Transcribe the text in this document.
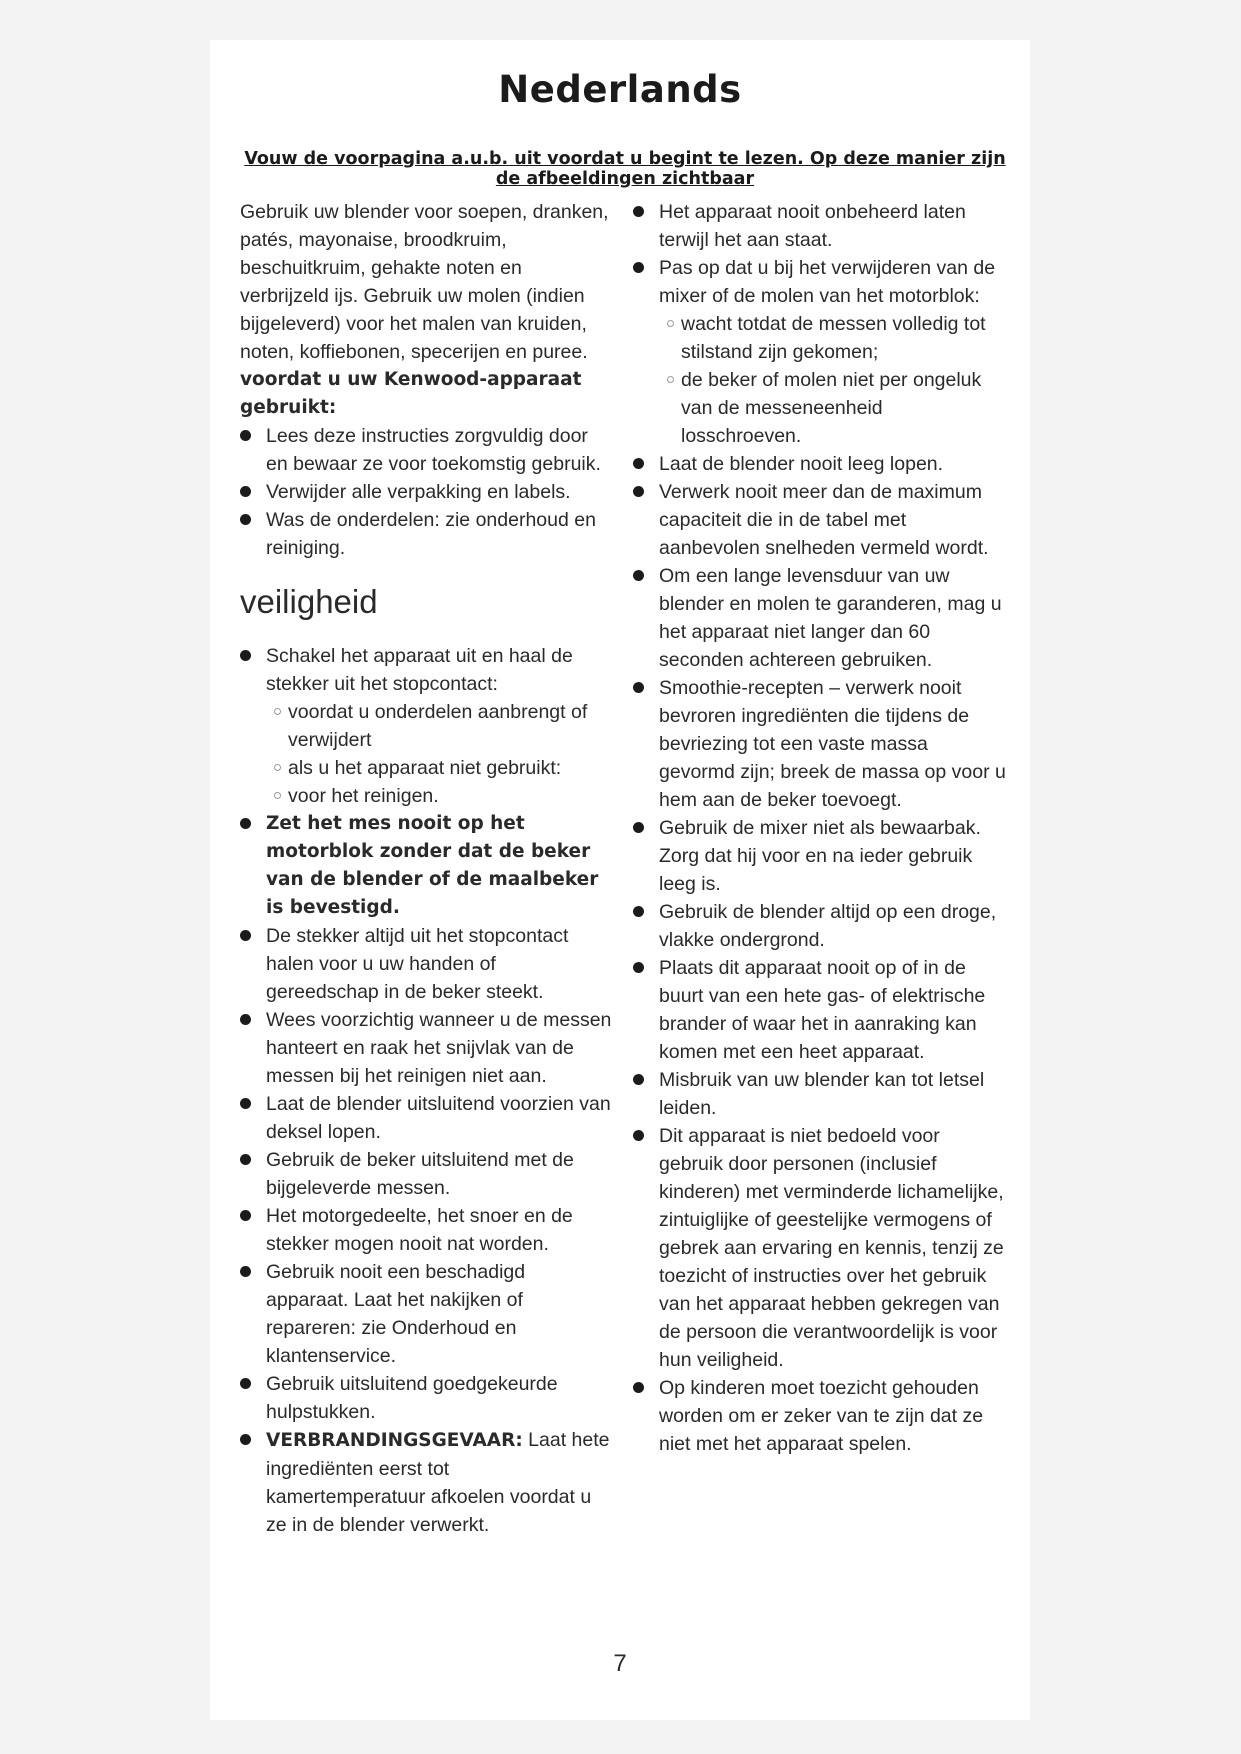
Nederlands

Vouw de voorpagina a.u.b. uit voordat u begint te lezen. Op deze manier zijn de afbeeldingen zichtbaar

Gebruik uw blender voor soepen, dranken, patés, mayonaise, broodkruim, beschuitkruim, gehakte noten en verbrijzeld ijs. Gebruik uw molen (indien bijgeleverd) voor het malen van kruiden, noten, koffiebonen, specerijen en puree.

voordat u uw Kenwood-apparaat gebruikt:

Lees deze instructies zorgvuldig door en bewaar ze voor toekomstig gebruik.
Verwijder alle verpakking en labels.
Was de onderdelen: zie onderhoud en reiniging.
veiligheid
Schakel het apparaat uit en haal de stekker uit het stopcontact:
voordat u onderdelen aanbrengt of verwijdert
als u het apparaat niet gebruikt:
voor het reinigen.
Zet het mes nooit op het motorblok zonder dat de beker van de blender of de maalbeker is bevestigd.
De stekker altijd uit het stopcontact halen voor u uw handen of gereedschap in de beker steekt.
Wees voorzichtig wanneer u de messen hanteert en raak het snijvlak van de messen bij het reinigen niet aan.
Laat de blender uitsluitend voorzien van deksel lopen.
Gebruik de beker uitsluitend met de bijgeleverde messen.
Het motorgedeelte, het snoer en de stekker mogen nooit nat worden.
Gebruik nooit een beschadigd apparaat. Laat het nakijken of repareren: zie Onderhoud en klantenservice.
Gebruik uitsluitend goedgekeurde hulpstukken.
VERBRANDINGSGEVAAR: Laat hete ingrediënten eerst tot kamertemperatuur afkoelen voordat u ze in de blender verwerkt.
Het apparaat nooit onbeheerd laten terwijl het aan staat.
Pas op dat u bij het verwijderen van de mixer of de molen van het motorblok:
wacht totdat de messen volledig tot stilstand zijn gekomen;
de beker of molen niet per ongeluk van de messeneenheid losschroeven.
Laat de blender nooit leeg lopen.
Verwerk nooit meer dan de maximum capaciteit die in de tabel met aanbevolen snelheden vermeld wordt.
Om een lange levensduur van uw blender en molen te garanderen, mag u het apparaat niet langer dan 60 seconden achtereen gebruiken.
Smoothie-recepten – verwerk nooit bevroren ingrediënten die tijdens de bevriezing tot een vaste massa gevormd zijn; breek de massa op voor u hem aan de beker toevoegt.
Gebruik de mixer niet als bewaarbak. Zorg dat hij voor en na ieder gebruik leeg is.
Gebruik de blender altijd op een droge, vlakke ondergrond.
Plaats dit apparaat nooit op of in de buurt van een hete gas- of elektrische brander of waar het in aanraking kan komen met een heet apparaat.
Misbruik van uw blender kan tot letsel leiden.
Dit apparaat is niet bedoeld voor gebruik door personen (inclusief kinderen) met verminderde lichamelijke, zintuiglijke of geestelijke vermogens of gebrek aan ervaring en kennis, tenzij ze toezicht of instructies over het gebruik van het apparaat hebben gekregen van de persoon die verantwoordelijk is voor hun veiligheid.
Op kinderen moet toezicht gehouden worden om er zeker van te zijn dat ze niet met het apparaat spelen.
7
